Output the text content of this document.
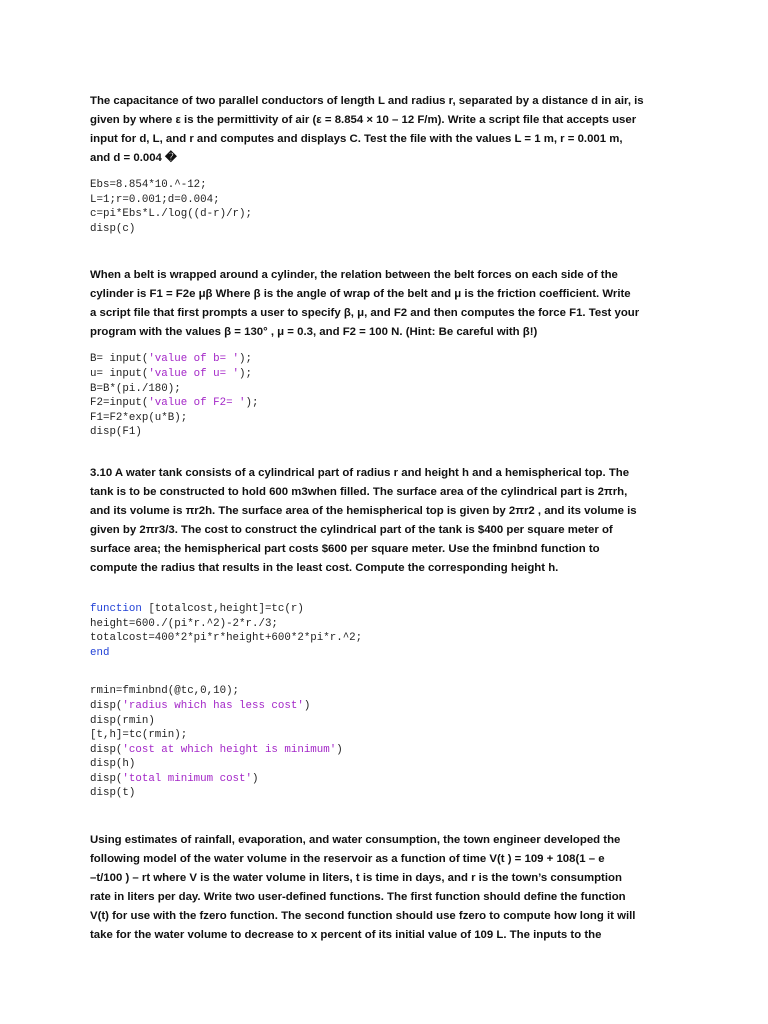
The capacitance of two parallel conductors of length L and radius r, separated by a distance d in air, is
given by where ε is the permittivity of air (ε = 8.854 × 10 – 12 F/m). Write a script file that accepts user
input for d, L, and r and computes and displays C. Test the file with the values L = 1 m, r = 0.001 m,
and d = 0.004 �

Ebs=8.854*10.^-12;
L=1;r=0.001;d=0.004;
c=pi*Ebs*L./log((d-r)/r);
disp(c)

When a belt is wrapped around a cylinder, the relation between the belt forces on each side of the
cylinder is F1 = F2e μβ Where β is the angle of wrap of the belt and μ is the friction coefficient. Write
a script file that first prompts a user to specify β, μ, and F2 and then computes the force F1. Test your
program with the values β = 130° , μ = 0.3, and F2 = 100 N. (Hint: Be careful with β!)

B= input('value of b= ');
u= input('value of u= ');
B=B*(pi./180);
F2=input('value of F2= ');
F1=F2*exp(u*B);
disp(F1)

3.10 A water tank consists of a cylindrical part of radius r and height h and a hemispherical top. The
tank is to be constructed to hold 600 m3when filled. The surface area of the cylindrical part is 2πrh,
and its volume is πr2h. The surface area of the hemispherical top is given by 2πr2 , and its volume is
given by 2πr3/3. The cost to construct the cylindrical part of the tank is $400 per square meter of
surface area; the hemispherical part costs $600 per square meter. Use the fminbnd function to
compute the radius that results in the least cost. Compute the corresponding height h.

function [totalcost,height]=tc(r)
height=600./(pi*r.^2)-2*r./3;
totalcost=400*2*pi*r*height+600*2*pi*r.^2;
end
rmin=fminbnd(@tc,0,10);
disp('radius which has less cost')
disp(rmin)
[t,h]=tc(rmin);
disp('cost at which height is minimum')
disp(h)
disp('total minimum cost')
disp(t)

Using estimates of rainfall, evaporation, and water consumption, the town engineer developed the
following model of the water volume in the reservoir as a function of time V(t ) = 109 + 108(1 – e
–t/100 ) – rt where V is the water volume in liters, t is time in days, and r is the town’s consumption
rate in liters per day. Write two user-defined functions. The first function should define the function
V(t) for use with the fzero function. The second function should use fzero to compute how long it will
take for the water volume to decrease to x percent of its initial value of 109 L. The inputs to the
